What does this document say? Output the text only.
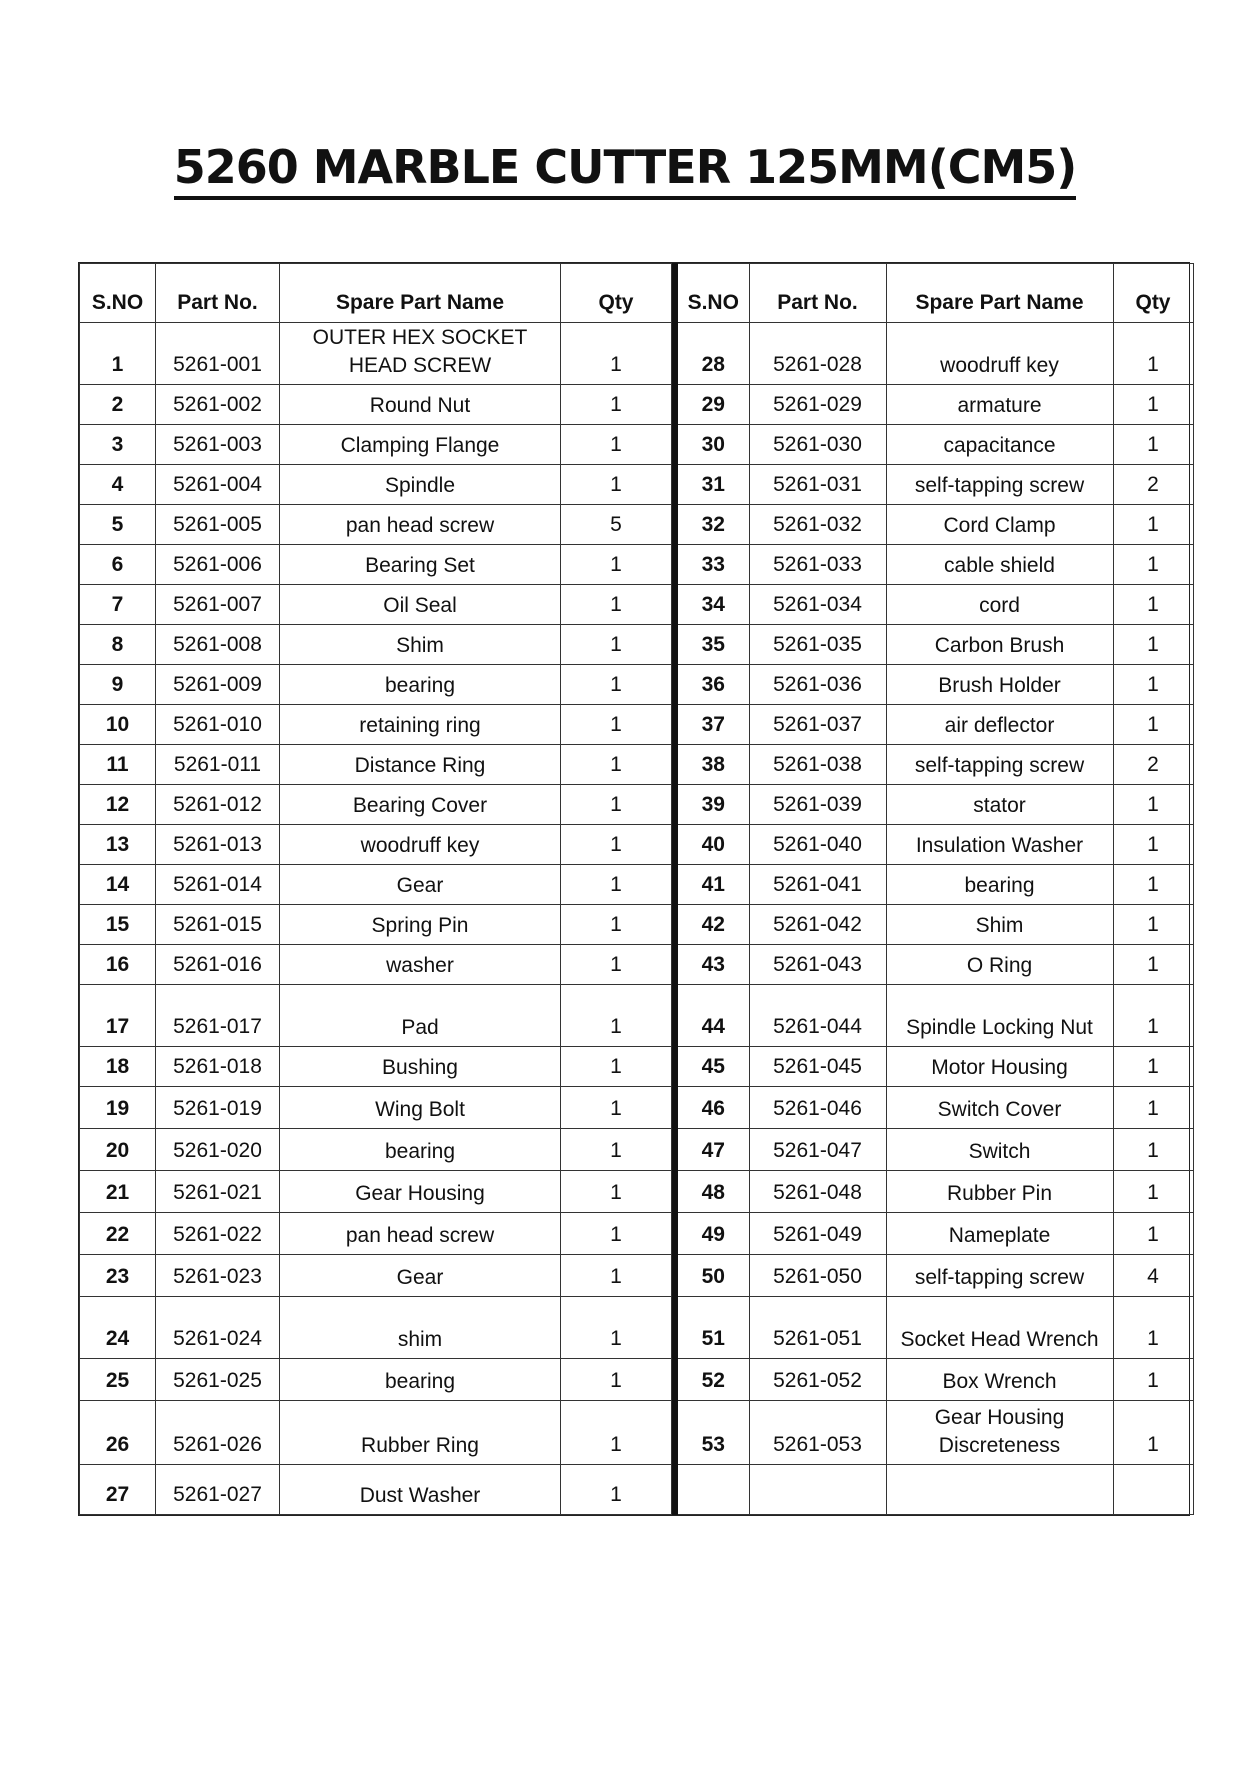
5260 MARBLE CUTTER 125MM(CM5)
S.NO	Part No.	Spare Part Name	Qty
1	5261-001	OUTER HEX SOCKET HEAD SCREW	1
2	5261-002	Round Nut	1
3	5261-003	Clamping Flange	1
4	5261-004	Spindle	1
5	5261-005	pan head screw	5
6	5261-006	Bearing Set	1
7	5261-007	Oil Seal	1
8	5261-008	Shim	1
9	5261-009	bearing	1
10	5261-010	retaining ring	1
11	5261-011	Distance Ring	1
12	5261-012	Bearing Cover	1
13	5261-013	woodruff key	1
14	5261-014	Gear	1
15	5261-015	Spring Pin	1
16	5261-016	washer	1
17	5261-017	Pad	1
18	5261-018	Bushing	1
19	5261-019	Wing Bolt	1
20	5261-020	bearing	1
21	5261-021	Gear Housing	1
22	5261-022	pan head screw	1
23	5261-023	Gear	1
24	5261-024	shim	1
25	5261-025	bearing	1
26	5261-026	Rubber Ring	1
27	5261-027	Dust Washer	1
S.NO	Part No.	Spare Part Name	Qty
28	5261-028	woodruff key	1
29	5261-029	armature	1
30	5261-030	capacitance	1
31	5261-031	self-tapping screw	2
32	5261-032	Cord Clamp	1
33	5261-033	cable shield	1
34	5261-034	cord	1
35	5261-035	Carbon Brush	1
36	5261-036	Brush Holder	1
37	5261-037	air deflector	1
38	5261-038	self-tapping screw	2
39	5261-039	stator	1
40	5261-040	Insulation Washer	1
41	5261-041	bearing	1
42	5261-042	Shim	1
43	5261-043	O Ring	1
44	5261-044	Spindle Locking Nut	1
45	5261-045	Motor Housing	1
46	5261-046	Switch Cover	1
47	5261-047	Switch	1
48	5261-048	Rubber Pin	1
49	5261-049	Nameplate	1
50	5261-050	self-tapping screw	4
51	5261-051	Socket Head Wrench	1
52	5261-052	Box Wrench	1
53	5261-053	Gear Housing Discreteness	1
